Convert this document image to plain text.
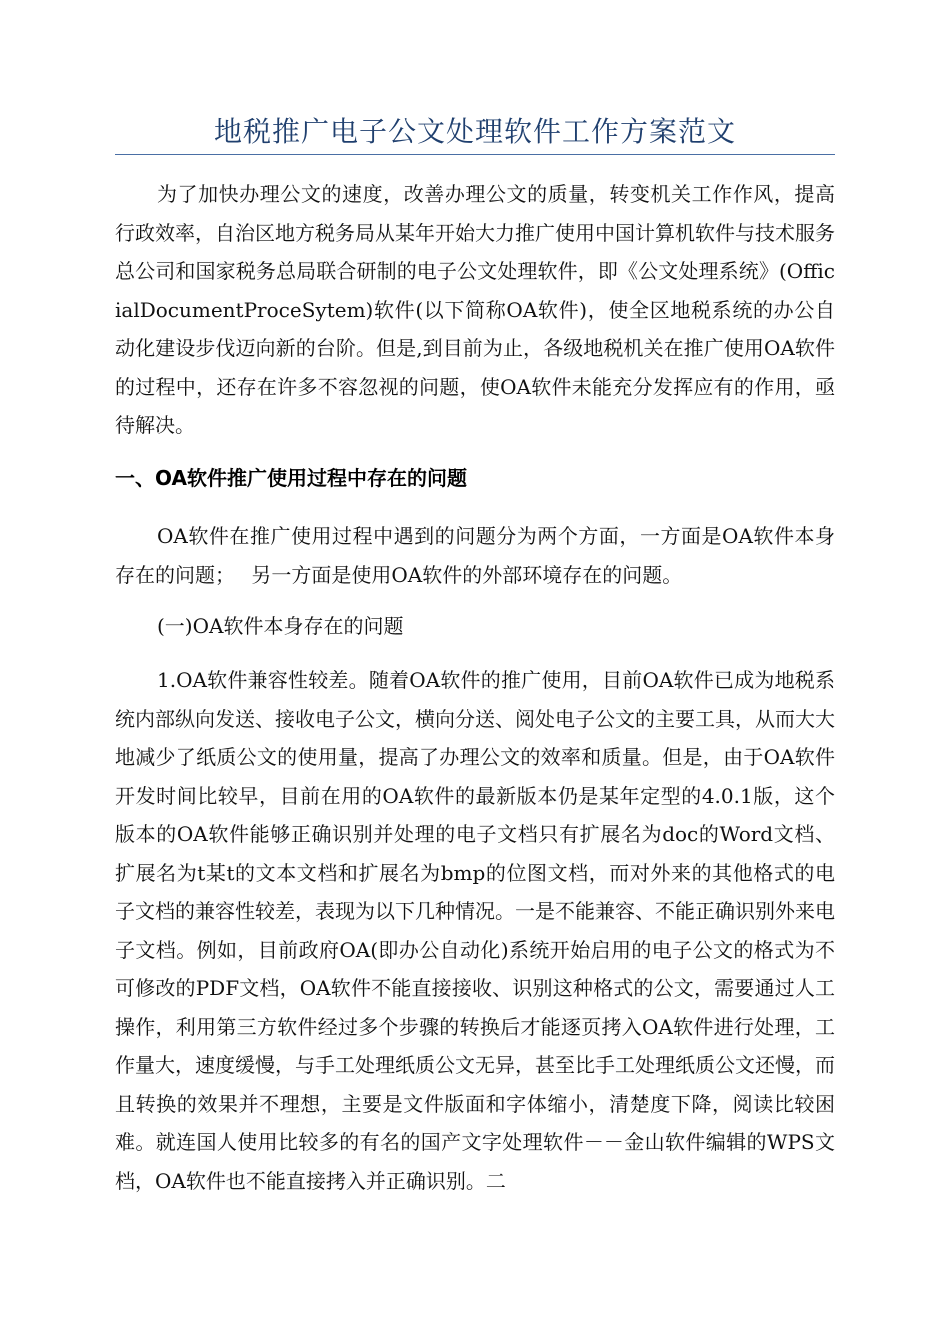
地税推广电子公文处理软件工作方案范文

为了加快办理公文的速度，改善办理公文的质量，转变机关工作作风，提高行政效率，自治区地方税务局从某年开始大力推广使用中国计算机软件与技术服务总公司和国家税务总局联合研制的电子公文处理软件，即《公文处理系统》(OfficialDocumentProceSytem)软件(以下简称OA软件)，使全区地税系统的办公自动化建设步伐迈向新的台阶。但是,到目前为止，各级地税机关在推广使用OA软件的过程中，还存在许多不容忽视的问题，使OA软件未能充分发挥应有的作用，亟待解决。

一、OA软件推广使用过程中存在的问题

OA软件在推广使用过程中遇到的问题分为两个方面，一方面是OA软件本身存在的问题；　 另一方面是使用OA软件的外部环境存在的问题。

(一)OA软件本身存在的问题

1.OA软件兼容性较差。随着OA软件的推广使用，目前OA软件已成为地税系统内部纵向发送、接收电子公文，横向分送、阅处电子公文的主要工具，从而大大地减少了纸质公文的使用量，提高了办理公文的效率和质量。但是，由于OA软件开发时间比较早，目前在用的OA软件的最新版本仍是某年定型的4.0.1版，这个版本的OA软件能够正确识别并处理的电子文档只有扩展名为doc的Word文档、扩展名为t某t的文本文档和扩展名为bmp的位图文档，而对外来的其他格式的电子文档的兼容性较差，表现为以下几种情况。一是不能兼容、不能正确识别外来电子文档。例如，目前政府OA(即办公自动化)系统开始启用的电子公文的格式为不可修改的PDF文档，OA软件不能直接接收、识别这种格式的公文，需要通过人工操作，利用第三方软件经过多个步骤的转换后才能逐页拷入OA软件进行处理，工作量大，速度缓慢，与手工处理纸质公文无异，甚至比手工处理纸质公文还慢，而且转换的效果并不理想，主要是文件版面和字体缩小，清楚度下降，阅读比较困难。就连国人使用比较多的有名的国产文字处理软件－－金山软件编辑的WPS文档，OA软件也不能直接拷入并正确识别。二
